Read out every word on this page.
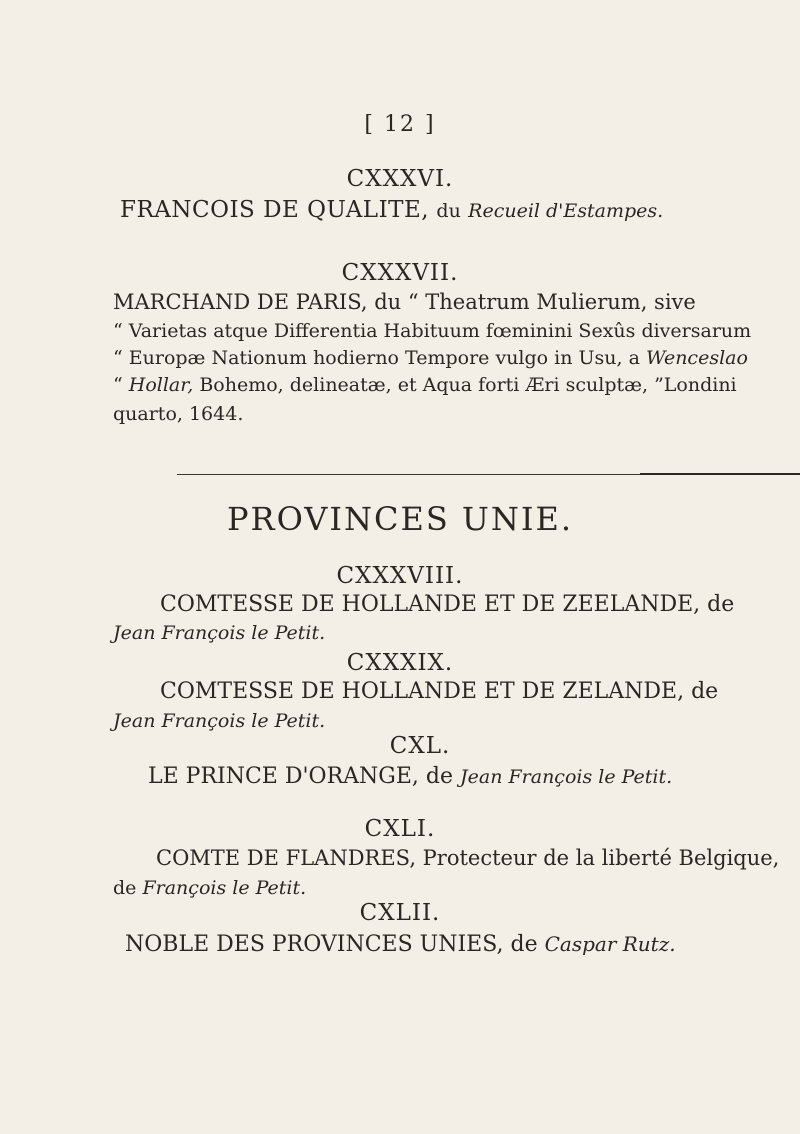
[ 12 ]
CXXXVI.
FRANCOIS DE QUALITE, du Recueil d'Estampes.
CXXXVII.
MARCHAND DE PARIS, du “ Theatrum Mulierum, sive
“ Varietas atque Differentia Habituum fœminini Sexûs diversarum
“ Europæ Nationum hodierno Tempore vulgo in Usu, a Wenceslao
“ Hollar, Bohemo, delineatæ, et Aqua forti Æri sculptæ, ”Londini
quarto, 1644.
PROVINCES UNIE.
CXXXVIII.
COMTESSE DE HOLLANDE ET DE ZEELANDE, de
Jean François le Petit.
CXXXIX.
COMTESSE DE HOLLANDE ET DE ZELANDE, de
Jean François le Petit.
CXL.
LE PRINCE D'ORANGE, de Jean François le Petit.
CXLI.
COMTE DE FLANDRES, Protecteur de la liberté Belgique,
de François le Petit.
CXLII.
NOBLE DES PROVINCES UNIES, de Caspar Rutz.
